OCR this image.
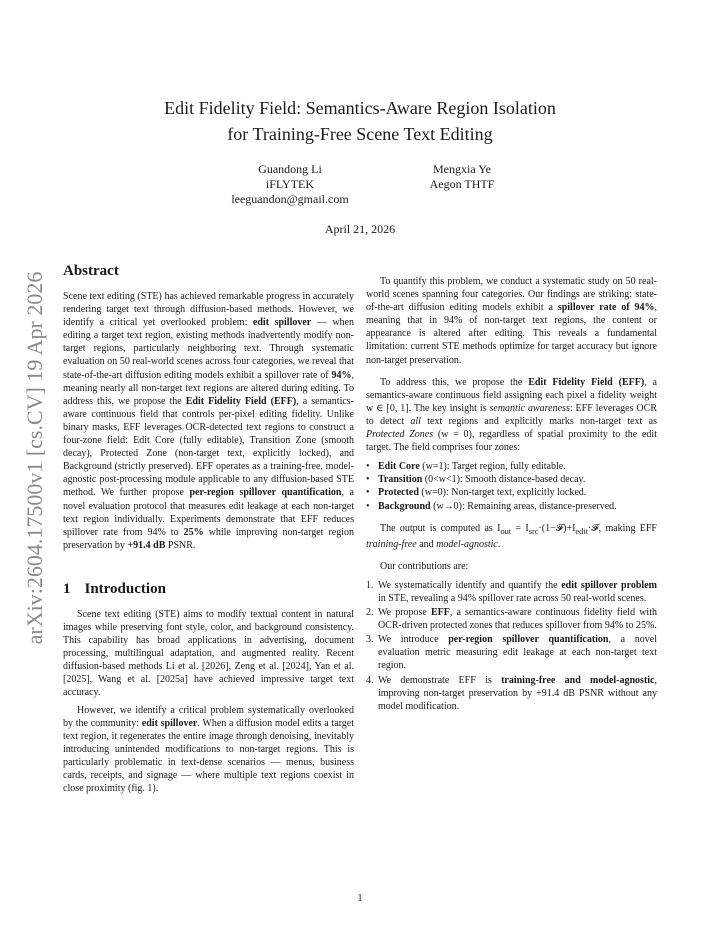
arXiv:2604.17500v1 [cs.CV] 19 Apr 2026
Edit Fidelity Field: Semantics-Aware Region Isolation
for Training-Free Scene Text Editing
Guandong Li
iFLYTEK
leeguandon@gmail.com
Mengxia Ye
Aegon THTF
April 21, 2026
Abstract

Scene text editing (STE) has achieved remarkable progress in accurately rendering target text through diffusion-based methods. However, we identify a critical yet overlooked problem: edit spillover — when editing a target text region, existing methods inadvertently modify non-target regions, particularly neighboring text. Through systematic evaluation on 50 real-world scenes across four categories, we reveal that state-of-the-art diffusion editing models exhibit a spillover rate of 94%, meaning nearly all non-target text regions are altered during editing. To address this, we propose the Edit Fidelity Field (EFF), a semantics-aware continuous field that controls per-pixel editing fidelity. Unlike binary masks, EFF leverages OCR-detected text regions to construct a four-zone field: Edit Core (fully editable), Transition Zone (smooth decay), Protected Zone (non-target text, explicitly locked), and Background (strictly preserved). EFF operates as a training-free, model-agnostic post-processing module applicable to any diffusion-based STE method. We further propose per-region spillover quantification, a novel evaluation protocol that measures edit leakage at each non-target text region individually. Experiments demonstrate that EFF reduces spillover rate from 94% to 25% while improving non-target region preservation by +91.4 dB PSNR.

1 Introduction

Scene text editing (STE) aims to modify textual content in natural images while preserving font style, color, and background consistency. This capability has broad applications in advertising, document processing, multilingual adaptation, and augmented reality. Recent diffusion-based methods Li et al. [2026], Zeng et al. [2024], Yan et al. [2025], Wang et al. [2025a] have achieved impressive target text accuracy.

However, we identify a critical problem systematically overlooked by the community: edit spillover. When a diffusion model edits a target text region, it regenerates the entire image through denoising, inevitably introducing unintended modifications to non-target regions. This is particularly problematic in text-dense scenarios — menus, business cards, receipts, and signage — where multiple text regions coexist in close proximity (fig. 1).

To quantify this problem, we conduct a systematic study on 50 real-world scenes spanning four categories. Our findings are striking: state-of-the-art diffusion editing models exhibit a spillover rate of 94%, meaning that in 94% of non-target text regions, the content or appearance is altered after editing. This reveals a fundamental limitation: current STE methods optimize for target accuracy but ignore non-target preservation.

To address this, we propose the Edit Fidelity Field (EFF), a semantics-aware continuous field assigning each pixel a fidelity weight w ∈ [0, 1]. The key insight is semantic awareness: EFF leverages OCR to detect all text regions and explicitly marks non-target text as Protected Zones (w = 0), regardless of spatial proximity to the edit target. The field comprises four zones:

• Edit Core (w=1): Target region, fully editable.
• Transition (0<w<1): Smooth distance-based decay.
• Protected (w=0): Non-target text, explicitly locked.
• Background (w→0): Remaining areas, distance-preserved.

The output is computed as $I_{out}$ = $I_{src}\cdot(1-𝓕)+I_{edit}\cdot 𝓕$, making EFF training-free and model-agnostic.

Our contributions are:

1. We systematically identify and quantify the edit spillover problem in STE, revealing a 94% spillover rate across 50 real-world scenes.
2. We propose EFF, a semantics-aware continuous fidelity field with OCR-driven protected zones that reduces spillover from 94% to 25%.
3. We introduce per-region spillover quantification, a novel evaluation metric measuring edit leakage at each non-target text region.
4. We demonstrate EFF is training-free and model-agnostic, improving non-target preservation by +91.4 dB PSNR without any model modification.
1
